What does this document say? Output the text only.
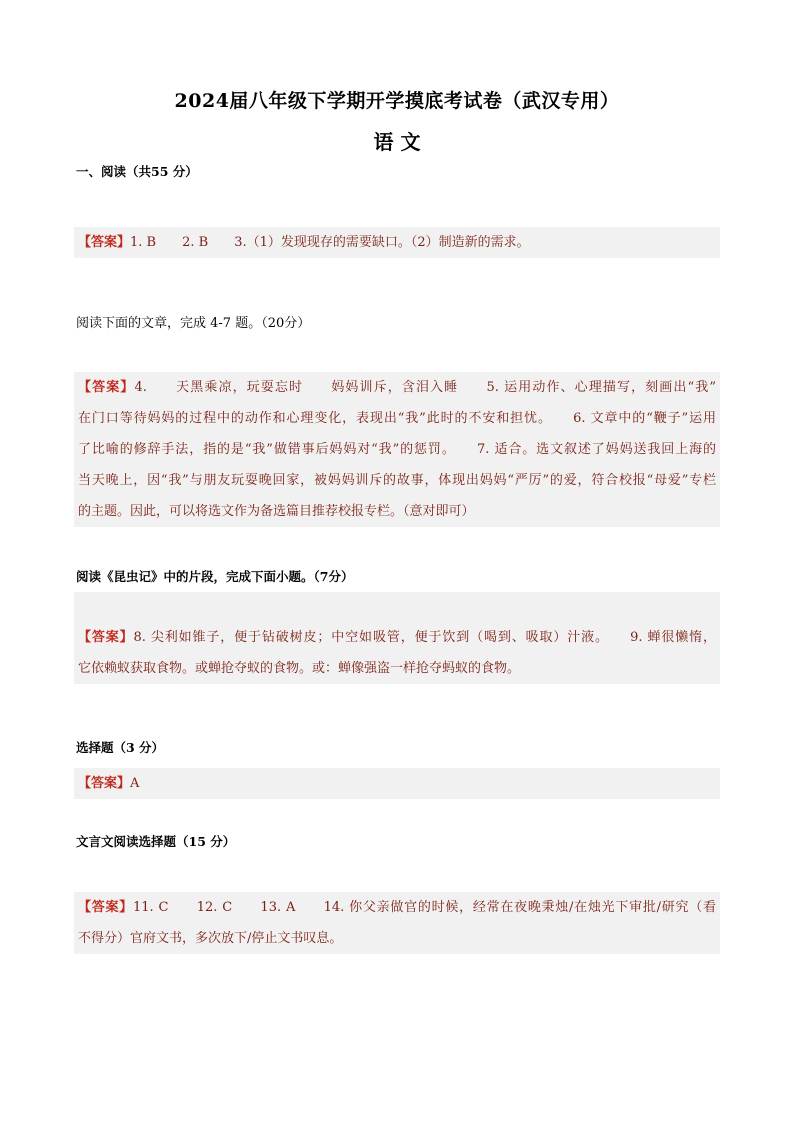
2024届八年级下学期开学摸底考试卷（武汉专用）
语 文
一、阅读（共55 分）
【答案】1. B　　2. B　　3.（1）发现现存的需要缺口。（2）制造新的需求。
阅读下面的文章，完成 4-7 题。（20分）
【答案】4.　　天黑乘凉，玩耍忘时　　妈妈训斥，含泪入睡　　5. 运用动作、心理描写，刻画出“我”
在门口等待妈妈的过程中的动作和心理变化，表现出“我”此时的不安和担忧。　　6. 文章中的“鞭子”运用
了比喻的修辞手法，指的是“我”做错事后妈妈对“我”的惩罚。　　7. 适合。选文叙述了妈妈送我回上海的
当天晚上，因“我”与朋友玩耍晚回家，被妈妈训斥的故事，体现出妈妈“严厉”的爱，符合校报“母爱”专栏
的主题。因此，可以将选文作为备选篇目推荐校报专栏。（意对即可）
阅读《昆虫记》中的片段，完成下面小题。（7分）
【答案】8. 尖利如锥子，便于钻破树皮；中空如吸管，便于饮到（喝到、吸取）汁液。　　9. 蝉很懒惰，
它依赖蚁获取食物。或蝉抢夺蚁的食物。或：蝉像强盗一样抢夺蚂蚁的食物。
选择题（3 分）
【答案】A
文言文阅读选择题（15 分）
【答案】11. C　　12. C　　13. A　　14. 你父亲做官的时候，经常在夜晚秉烛/在烛光下审批/研究（看
不得分）官府文书，多次放下/停止文书叹息。
